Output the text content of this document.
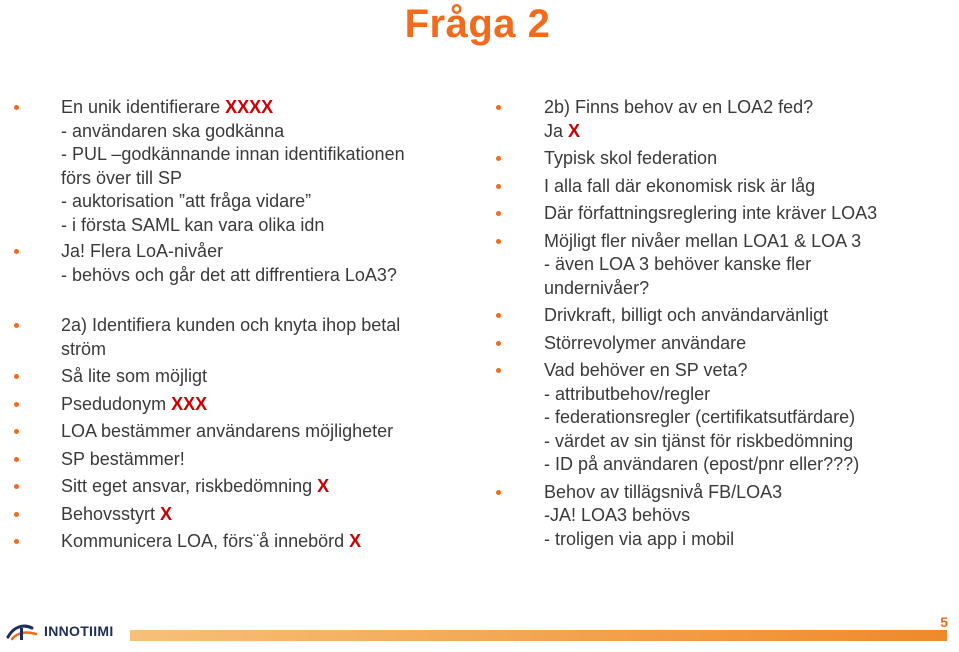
Fråga 2
En unik identifierare XXXX
- användaren ska godkänna
- PUL –godkännande innan identifikationen
förs över till SP
- auktorisation ”att fråga vidare”
- i första SAML kan vara olika idn
Ja! Flera LoA-nivåer
- behövs och går det att diffrentiera LoA3?
2a) Identifiera kunden och knyta ihop betal
ström
Så lite som möjligt
Psedudonym XXX
LOA bestämmer användarens möjligheter
SP bestämmer!
Sitt eget ansvar, riskbedömning X
Behovsstyrt X
Kommunicera LOA, förs¨å innebörd X
2b) Finns behov av en LOA2 fed?
Ja X
Typisk skol federation
I alla fall där ekonomisk risk är låg
Där författningsreglering inte kräver LOA3
Möjligt fler nivåer mellan LOA1 & LOA 3
- även LOA 3 behöver kanske fler
undernivåer?
Drivkraft, billigt och användarvänligt
Störrevolymer användare
Vad behöver en SP veta?
- attributbehov/regler
- federationsregler (certifikatsutfärdare)
- värdet av sin tjänst för riskbedömning
- ID på användaren (epost/pnr eller???)
Behov av tillägsnivå FB/LOA3
-JA! LOA3 behövs
- troligen via app i mobil
INNOTIIMI
5
